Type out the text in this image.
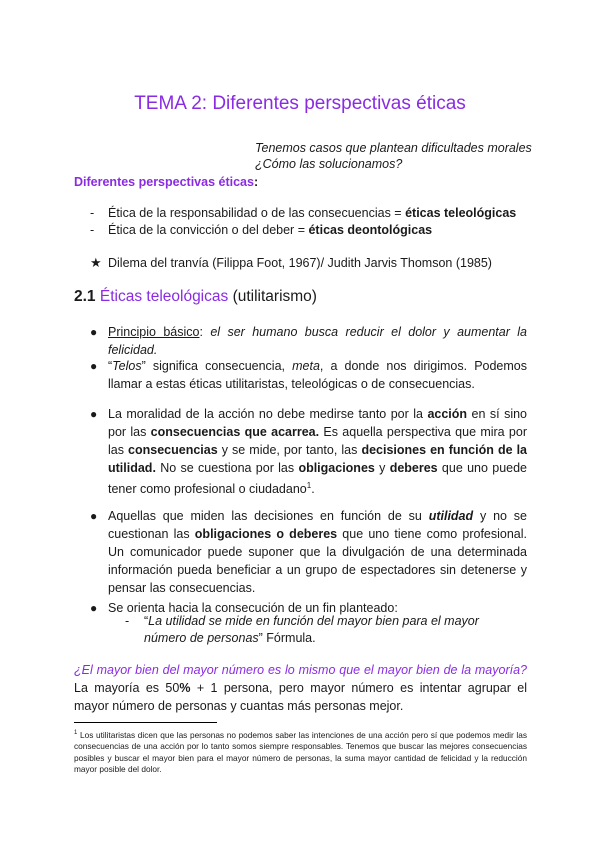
TEMA 2: Diferentes perspectivas éticas
Tenemos casos que plantean dificultades morales
¿Cómo las solucionamos?
Diferentes perspectivas éticas:
- Ética de la responsabilidad o de las consecuencias = éticas teleológicas
- Ética de la convicción o del deber = éticas deontológicas
★ Dilema del tranvía (Filippa Foot, 1967)/ Judith Jarvis Thomson (1985)
2.1 Éticas teleológicas (utilitarismo)
● Principio básico: el ser humano busca reducir el dolor y aumentar la felicidad.
● “Telos” significa consecuencia, meta, a donde nos dirigimos. Podemos llamar a estas éticas utilitaristas, teleológicas o de consecuencias.
● La moralidad de la acción no debe medirse tanto por la acción en sí sino por las consecuencias que acarrea. Es aquella perspectiva que mira por las consecuencias y se mide, por tanto, las decisiones en función de la utilidad. No se cuestiona por las obligaciones y deberes que uno puede tener como profesional o ciudadano$^1$.
● Aquellas que miden las decisiones en función de su utilidad y no se cuestionan las obligaciones o deberes que uno tiene como profesional. Un comunicador puede suponer que la divulgación de una determinada información pueda beneficiar a un grupo de espectadores sin detenerse y pensar las consecuencias.
● Se orienta hacia la consecución de un fin planteado:
- “La utilidad se mide en función del mayor bien para el mayor número de personas” Fórmula.
¿El mayor bien del mayor número es lo mismo que el mayor bien de la mayoría? La mayoría es 50% + 1 persona, pero mayor número es intentar agrupar el mayor número de personas y cuantas más personas mejor.
$^1$ Los utilitaristas dicen que las personas no podemos saber las intenciones de una acción pero sí que podemos medir las consecuencias de una acción por lo tanto somos siempre responsables. Tenemos que buscar las mejores consecuencias posibles y buscar el mayor bien para el mayor número de personas, la suma mayor cantidad de felicidad y la reducción mayor posible del dolor.
